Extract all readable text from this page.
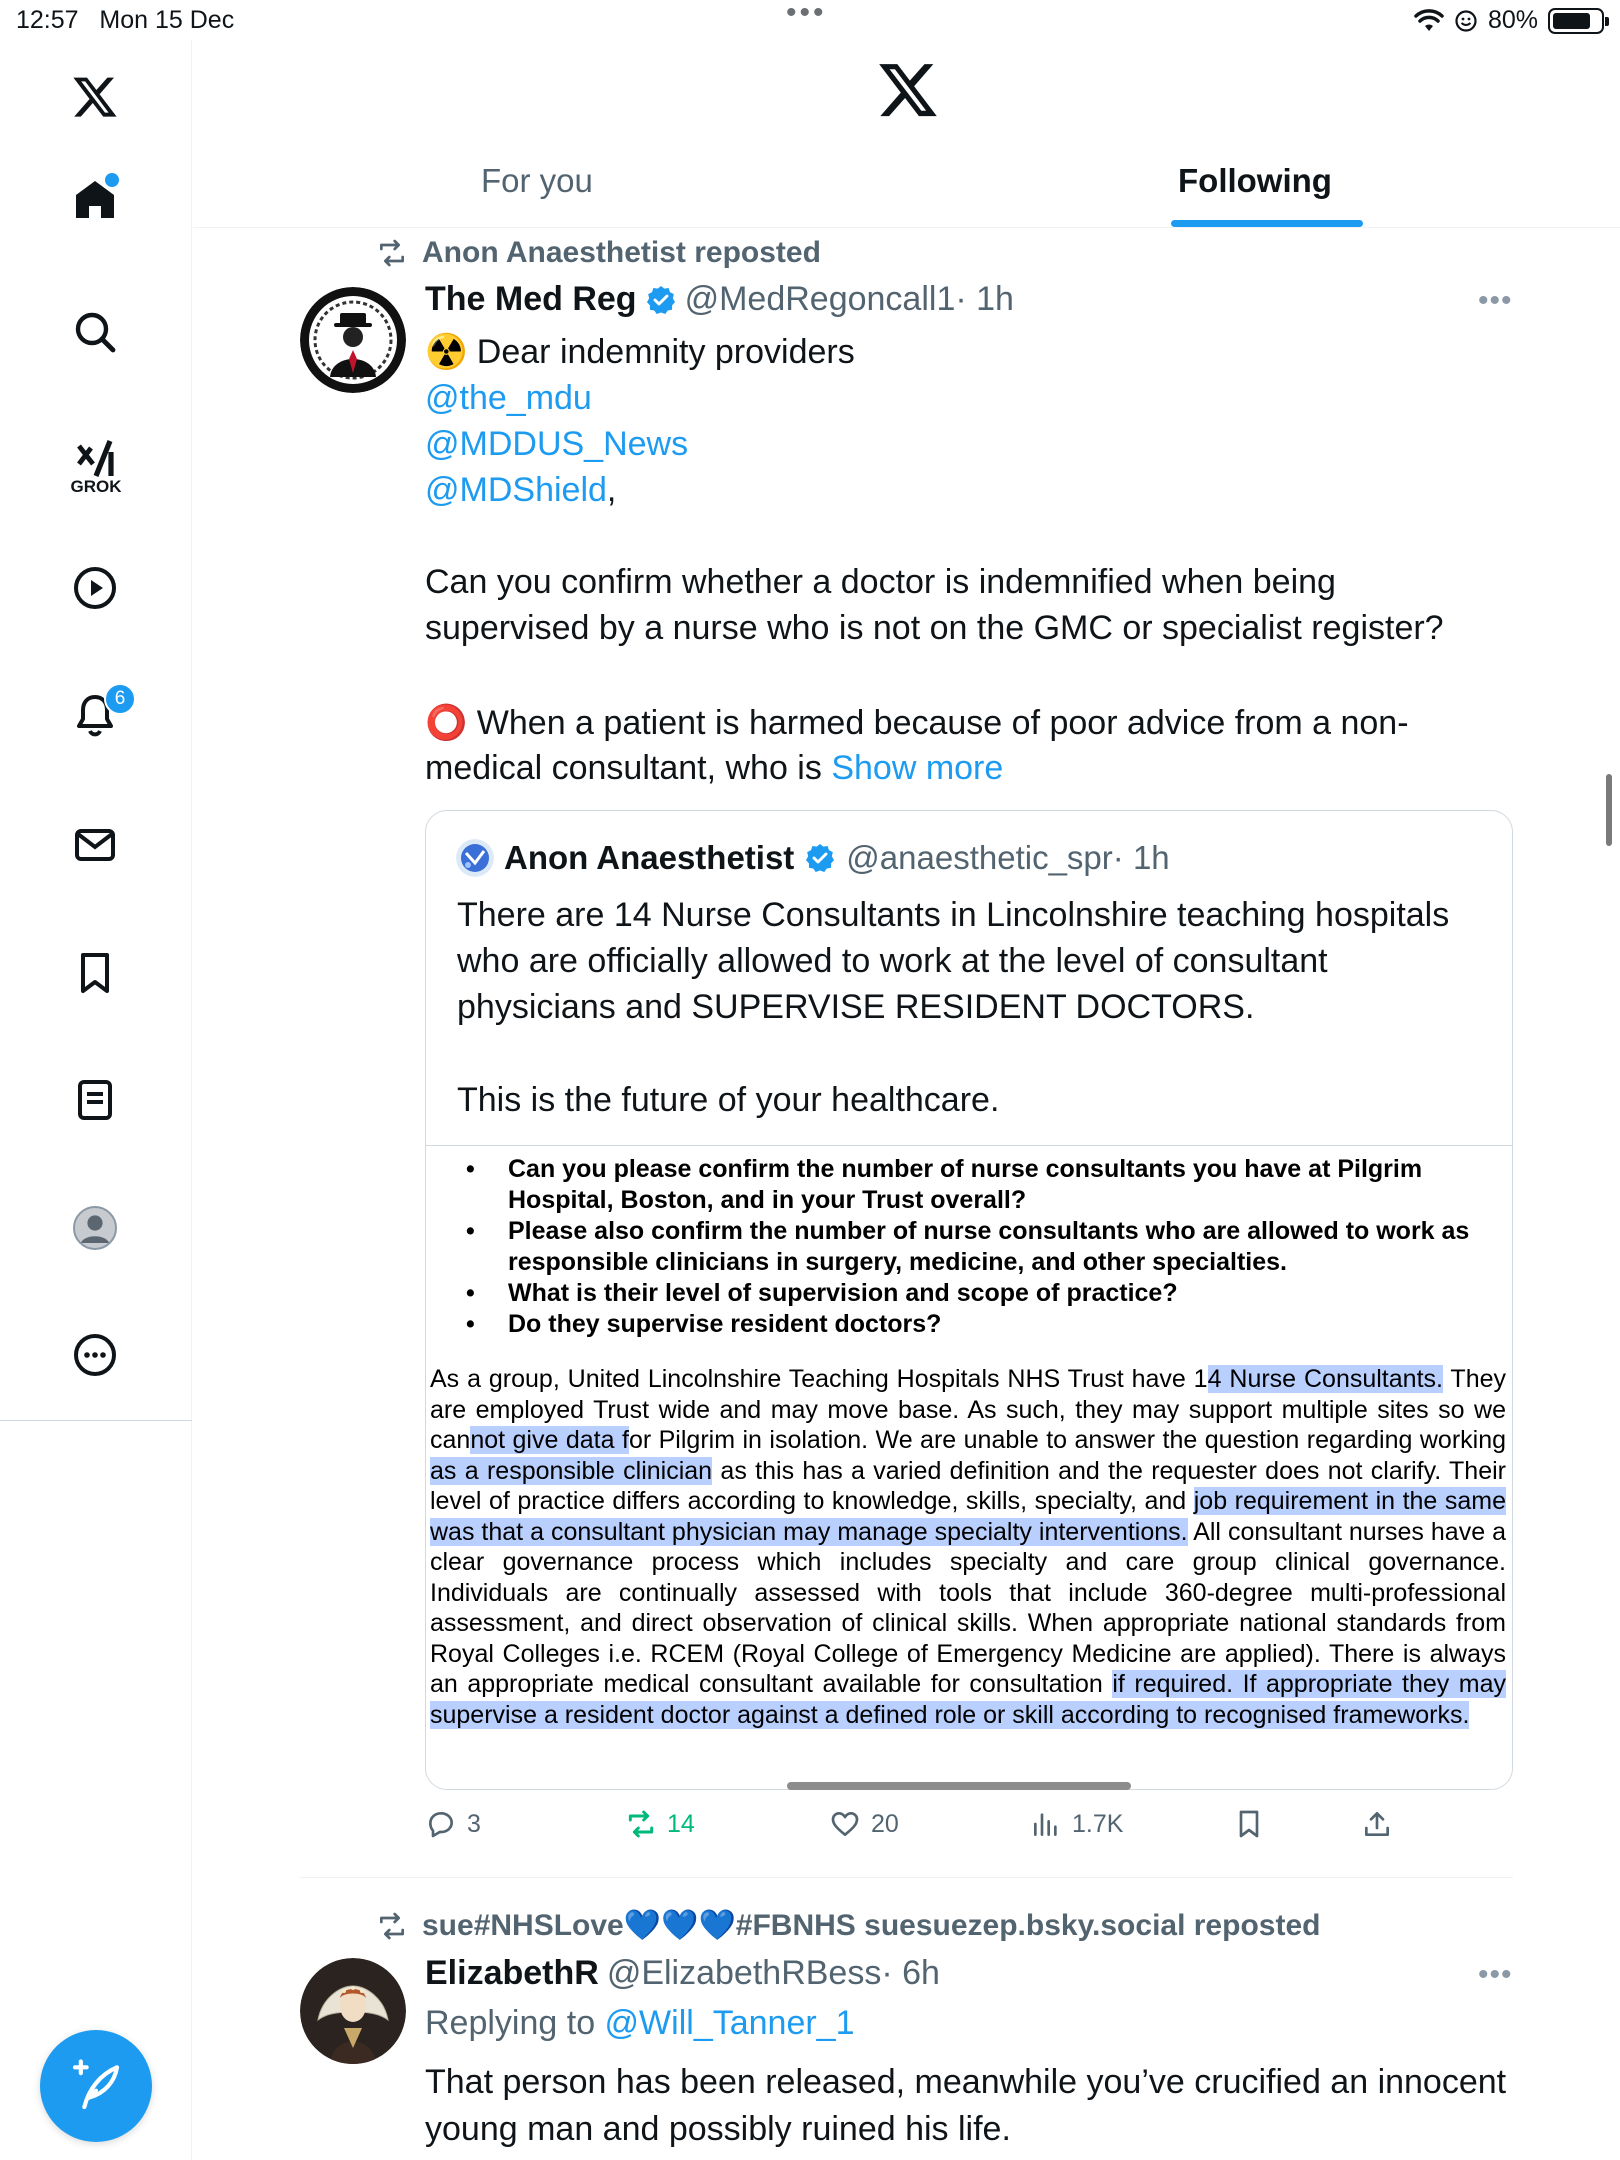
12:57 Mon 15 Dec	•••	80%
GROK
6
For you	Following
Anon Anaesthetist reposted
The Med Reg @MedRegoncall1· 1h	•••
☢️ Dear indemnity providers
@the_mdu
@MDDUS_News
@MDShield,
Can you confirm whether a doctor is indemnified when being
supervised by a nurse who is not on the GMC or specialist register?
⭕ When a patient is harmed because of poor advice from a non-
medical consultant, who is Show more
Anon Anaesthetist @anaesthetic_spr· 1h
There are 14 Nurse Consultants in Lincolnshire teaching hospitals
who are officially allowed to work at the level of consultant
physicians and SUPERVISE RESIDENT DOCTORS.
This is the future of your healthcare.
• Can you please confirm the number of nurse consultants you have at Pilgrim Hospital, Boston, and in your Trust overall?
• Please also confirm the number of nurse consultants who are allowed to work as responsible clinicians in surgery, medicine, and other specialties.
• What is their level of supervision and scope of practice?
• Do they supervise resident doctors?
As a group, United Lincolnshire Teaching Hospitals NHS Trust have 14 Nurse Consultants. They are employed Trust wide and may move base. As such, they may support multiple sites so we cannot give data for Pilgrim in isolation. We are unable to answer the question regarding working as a responsible clinician as this has a varied definition and the requester does not clarify. Their level of practice differs according to knowledge, skills, specialty, and job requirement in the same was that a consultant physician may manage specialty interventions. All consultant nurses have a clear governance process which includes specialty and care group clinical governance. Individuals are continually assessed with tools that include 360-degree multi-professional assessment, and direct observation of clinical skills. When appropriate national standards from Royal Colleges i.e. RCEM (Royal College of Emergency Medicine are applied). There is always an appropriate medical consultant available for consultation if required. If appropriate they may supervise a resident doctor against a defined role or skill according to recognised frameworks.
3	14	20	1.7K
sue#NHSLove💙💙💙#FBNHS suesuezep.bsky.social reposted
ElizabethR @ElizabethRBess· 6h	•••
Replying to @Will_Tanner_1
That person has been released, meanwhile you’ve crucified an innocent
young man and possibly ruined his life.
